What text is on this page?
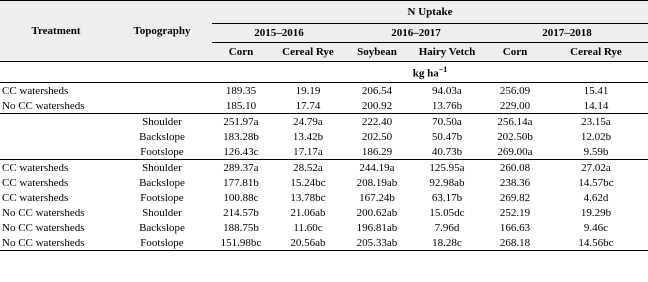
Treatment	Topography	N Uptake					
		2015–2016		2016–2017		2017–2018	
		Corn	Cereal Rye	Soybean	Hairy Vetch	Corn	Cereal Rye
		kg $ha^{-1}$
CC watersheds		189.35	19.19	206.54	94.03a	256.09	15.41
No CC watersheds		185.10	17.74	200.92	13.76b	229.00	14.14
	Shoulder	251.97a	24.79a	222.40	70.50a	256.14a	23.15a
	Backslope	183.28b	13.42b	202.50	50.47b	202.50b	12.02b
	Footslope	126.43c	17.17a	186.29	40.73b	269.00a	9.59b
CC watersheds	Shoulder	289.37a	28.52a	244.19a	125.95a	260.08	27.02a
CC watersheds	Backslope	177.81b	15.24bc	208.19ab	92.98ab	238.36	14.57bc
CC watersheds	Footslope	100.88c	13.78bc	167.24b	63.17b	269.82	4.62d
No CC watersheds	Shoulder	214.57b	21.06ab	200.62ab	15.05dc	252.19	19.29b
No CC watersheds	Backslope	188.75b	11.60c	196.81ab	7.96d	166.63	9.46c
No CC watersheds	Footslope	151.98bc	20.56ab	205.33ab	18.28c	268.18	14.56bc
